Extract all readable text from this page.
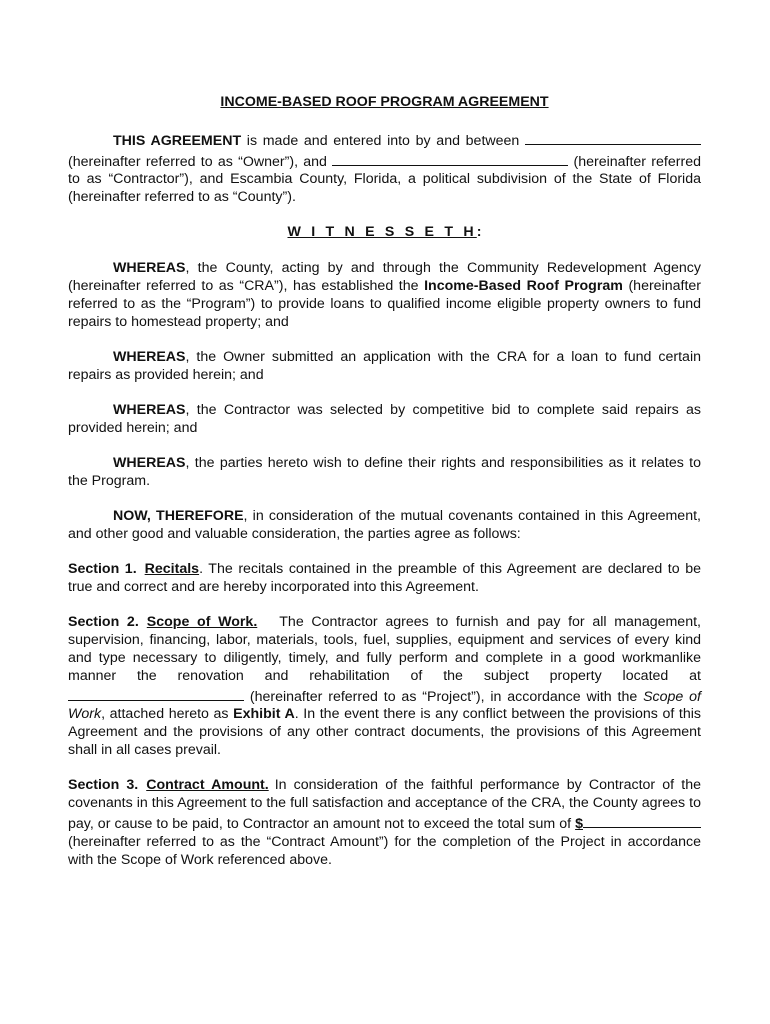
INCOME-BASED ROOF PROGRAM AGREEMENT

THIS AGREEMENT is made and entered into by and between  (hereinafter referred to as “Owner”), and	(hereinafter referred to as “Contractor”), and Escambia County, Florida, a political subdivision of the State of Florida (hereinafter referred to as “County”).

W I T N E S S E T H:

WHEREAS, the County, acting by and through the Community Redevelopment Agency (hereinafter referred to as “CRA”), has established the Income-Based Roof Program (hereinafter referred to as the “Program”) to provide loans to qualified income eligible property owners to fund repairs to homestead property; and

WHEREAS, the Owner submitted an application with the CRA for a loan to fund certain repairs as provided herein; and

WHEREAS, the Contractor was selected by competitive bid to complete said repairs as provided herein; and

WHEREAS, the parties hereto wish to define their rights and responsibilities as it relates to the Program.

NOW, THEREFORE, in consideration of the mutual covenants contained in this Agreement, and other good and valuable consideration, the parties agree as follows:

Section 1. Recitals. The recitals contained in the preamble of this Agreement are declared to be true and correct and are hereby incorporated into this Agreement.

Section 2. Scope of Work. The Contractor agrees to furnish and pay for all management, supervision, financing, labor, materials, tools, fuel, supplies, equipment and services of every kind and type necessary to diligently, timely, and fully perform and complete in a good workmanlike manner the renovation and rehabilitation of the subject property located at  (hereinafter referred to as “Project”), in accordance with the Scope of Work, attached hereto as Exhibit A. In the event there is any conflict between the provisions of this Agreement and the provisions of any other contract documents, the provisions of this Agreement shall in all cases prevail.

Section 3. Contract Amount. In consideration of the faithful performance by Contractor of the covenants in this Agreement to the full satisfaction and acceptance of the CRA, the County agrees to pay, or cause to be paid, to Contractor an amount not to exceed the total sum of $ (hereinafter referred to as the “Contract Amount”) for the completion of the Project in accordance with the Scope of Work referenced above.
